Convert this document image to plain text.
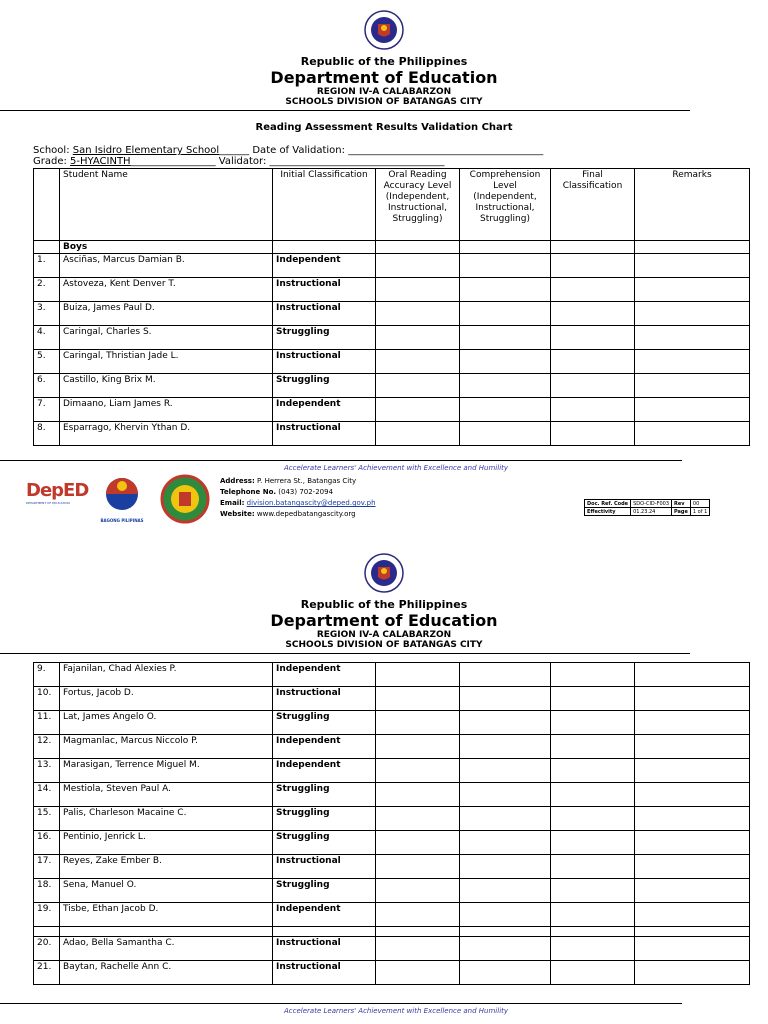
Republic of the Philippines
Department of Education
REGION IV-A CALABARZON
SCHOOLS DIVISION OF BATANGAS CITY
Reading Assessment Results Validation Chart
School: San Isidro Elementary School______ Date of Validation: _______________________________________
Grade: 5-HYACINTH_________________ Validator: ___________________________________
	Student Name	Initial Classification	Oral Reading Accuracy Level (Independent, Instructional, Struggling)	Comprehension Level (Independent, Instructional, Struggling)	Final Classification	Remarks
	Boys					
1.	Asciñas, Marcus Damian B.	Independent				
2.	Astoveza, Kent Denver T.	Instructional				
3.	Buiza, James Paul D.	Instructional				
4.	Caringal, Charles S.	Struggling				
5.	Caringal, Thristian Jade L.	Instructional				
6.	Castillo, King Brix M.	Struggling				
7.	Dimaano, Liam James R.	Independent				
8.	Esparrago, Khervin Ythan D.	Instructional				
Accelerate Learners' Achievement with Excellence and Humility
DepED
DEPARTMENT OF EDUCATION
BAGONG PILIPINAS
Address: P. Herrera St., Batangas City
Telephone No. (043) 702-2094
Email: division.batangascity@deped.gov.ph
Website: www.depedbatangascity.org
Doc. Ref. Code	SDO-CID-F003	Rev	00
Effectivity	01.23.24	Page	1 of 1
Republic of the Philippines
Department of Education
REGION IV-A CALABARZON
SCHOOLS DIVISION OF BATANGAS CITY
9.	Fajanilan, Chad Alexies P.	Independent				
10.	Fortus, Jacob D.	Instructional				
11.	Lat, James Angelo O.	Struggling				
12.	Magmanlac, Marcus Niccolo P.	Independent				
13.	Marasigan, Terrence Miguel M.	Independent				
14.	Mestiola, Steven Paul A.	Struggling				
15.	Palis, Charleson Macaine C.	Struggling				
16.	Pentinio, Jenrick L.	Struggling				
17.	Reyes, Zake Ember B.	Instructional				
18.	Sena, Manuel O.	Struggling				
19.	Tisbe, Ethan Jacob D.	Independent				

20.	Adao, Bella Samantha C.	Instructional				
21.	Baytan, Rachelle Ann C.	Instructional				
Accelerate Learners' Achievement with Excellence and Humility
